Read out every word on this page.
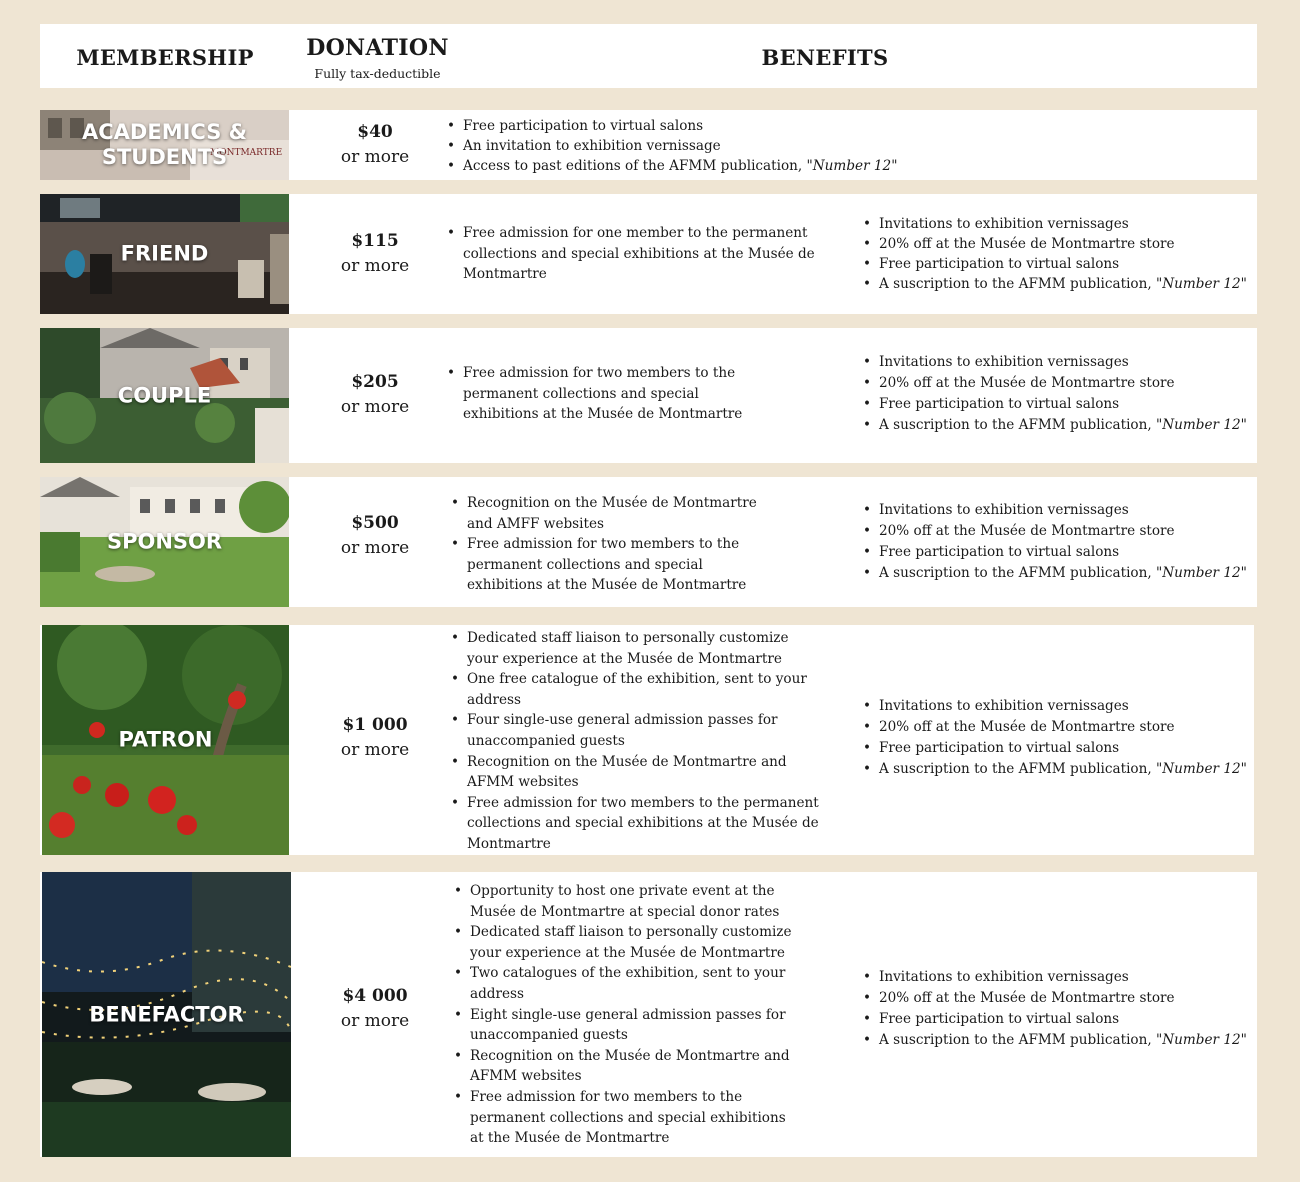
MEMBERSHIP	DONATION
Fully tax-deductible
BENEFITS
MONTMARTRE
ACADEMICS & STUDENTS
$40
or more
• Free participation to virtual salons
• An invitation to exhibition vernissage
• Access to past editions of the AFMM publication, "Number 12"
FRIEND
$115
or more
• Free admission for one member to the permanent collections and special exhibitions at the Musée de Montmartre
• Invitations to exhibition vernissages
• 20% off at the Musée de Montmartre store
• Free participation to virtual salons
• A suscription to the AFMM publication, "Number 12"
COUPLE
$205
or more
• Free admission for two members to the permanent collections and special exhibitions at the Musée de Montmartre
• Invitations to exhibition vernissages
• 20% off at the Musée de Montmartre store
• Free participation to virtual salons
• A suscription to the AFMM publication, "Number 12"
SPONSOR
$500
or more
• Recognition on the Musée de Montmartre and AMFF websites
• Free admission for two members to the permanent collections and special exhibitions at the Musée de Montmartre
• Invitations to exhibition vernissages
• 20% off at the Musée de Montmartre store
• Free participation to virtual salons
• A suscription to the AFMM publication, "Number 12"
PATRON
$1 000
or more
• Dedicated staff liaison to personally customize your experience at the Musée de Montmartre
• One free catalogue of the exhibition, sent to your address
• Four single-use general admission passes for unaccompanied guests
• Recognition on the Musée de Montmartre and AFMM websites
• Free admission for two members to the permanent collections and special exhibitions at the Musée de Montmartre
• Invitations to exhibition vernissages
• 20% off at the Musée de Montmartre store
• Free participation to virtual salons
• A suscription to the AFMM publication, "Number 12"
BENEFACTOR
$4 000
or more
• Opportunity to host one private event at the Musée de Montmartre at special donor rates
• Dedicated staff liaison to personally customize your experience at the Musée de Montmartre
• Two catalogues of the exhibition, sent to your address
• Eight single-use general admission passes for unaccompanied guests
• Recognition on the Musée de Montmartre and AFMM websites
• Free admission for two members to the permanent collections and special exhibitions at the Musée de Montmartre
• Invitations to exhibition vernissages
• 20% off at the Musée de Montmartre store
• Free participation to virtual salons
• A suscription to the AFMM publication, "Number 12"
